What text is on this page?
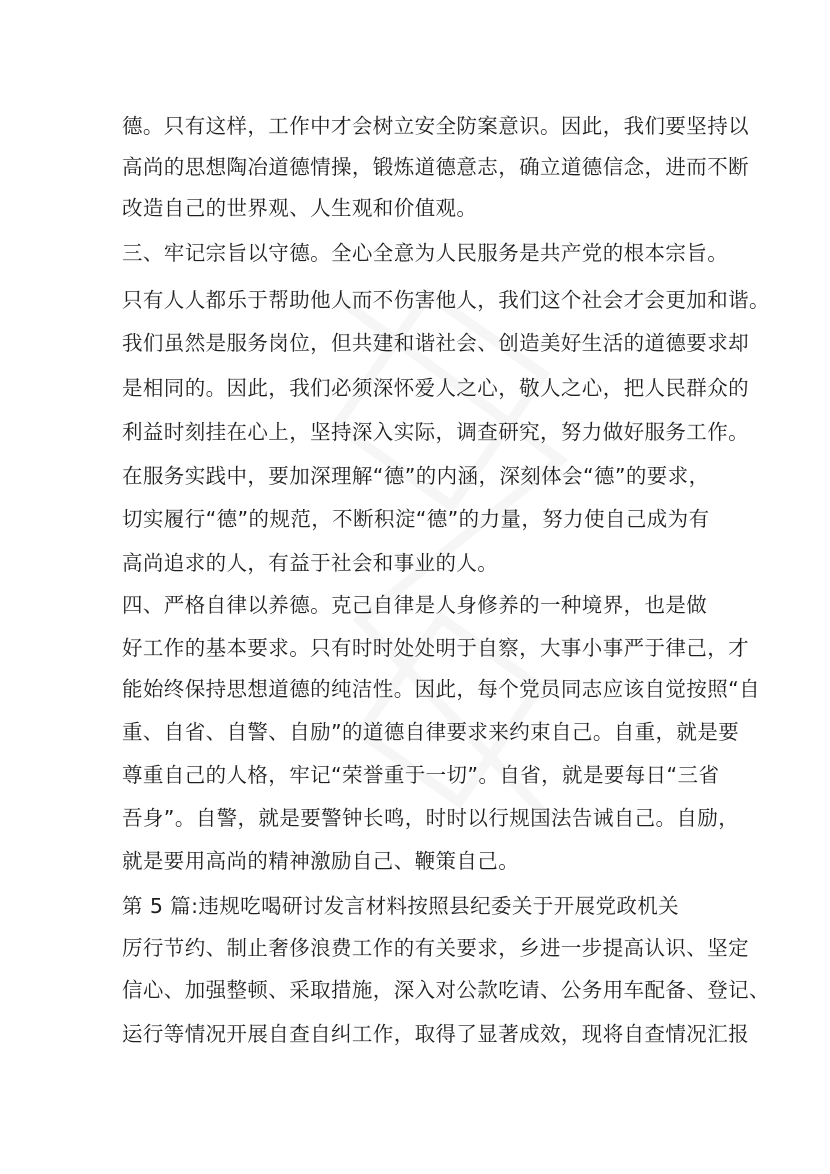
德。只有这样，工作中才会树立安全防案意识。因此，我们要坚持以
高尚的思想陶冶道德情操，锻炼道德意志，确立道德信念，进而不断
改造自己的世界观、人生观和价值观。
三、牢记宗旨以守德。全心全意为人民服务是共产党的根本宗旨。
只有人人都乐于帮助他人而不伤害他人，我们这个社会才会更加和谐。
我们虽然是服务岗位，但共建和谐社会、创造美好生活的道德要求却
是相同的。因此，我们必须深怀爱人之心，敬人之心，把人民群众的
利益时刻挂在心上，坚持深入实际，调查研究，努力做好服务工作。
在服务实践中，要加深理解“德”的内涵，深刻体会“德”的要求，
切实履行“德”的规范，不断积淀“德”的力量，努力使自己成为有
高尚追求的人，有益于社会和事业的人。
四、严格自律以养德。克己自律是人身修养的一种境界，也是做
好工作的基本要求。只有时时处处明于自察，大事小事严于律己，才
能始终保持思想道德的纯洁性。因此，每个党员同志应该自觉按照“自
重、自省、自警、自励”的道德自律要求来约束自己。自重，就是要
尊重自己的人格，牢记“荣誉重于一切”。自省，就是要每日“三省
吾身”。自警，就是要警钟长鸣，时时以行规国法告诫自己。自励，
就是要用高尚的精神激励自己、鞭策自己。
第 5 篇:违规吃喝研讨发言材料按照县纪委关于开展党政机关
厉行节约、制止奢侈浪费工作的有关要求，乡进一步提高认识、坚定
信心、加强整顿、采取措施，深入对公款吃请、公务用车配备、登记、
运行等情况开展自查自纠工作，取得了显著成效，现将自查情况汇报
